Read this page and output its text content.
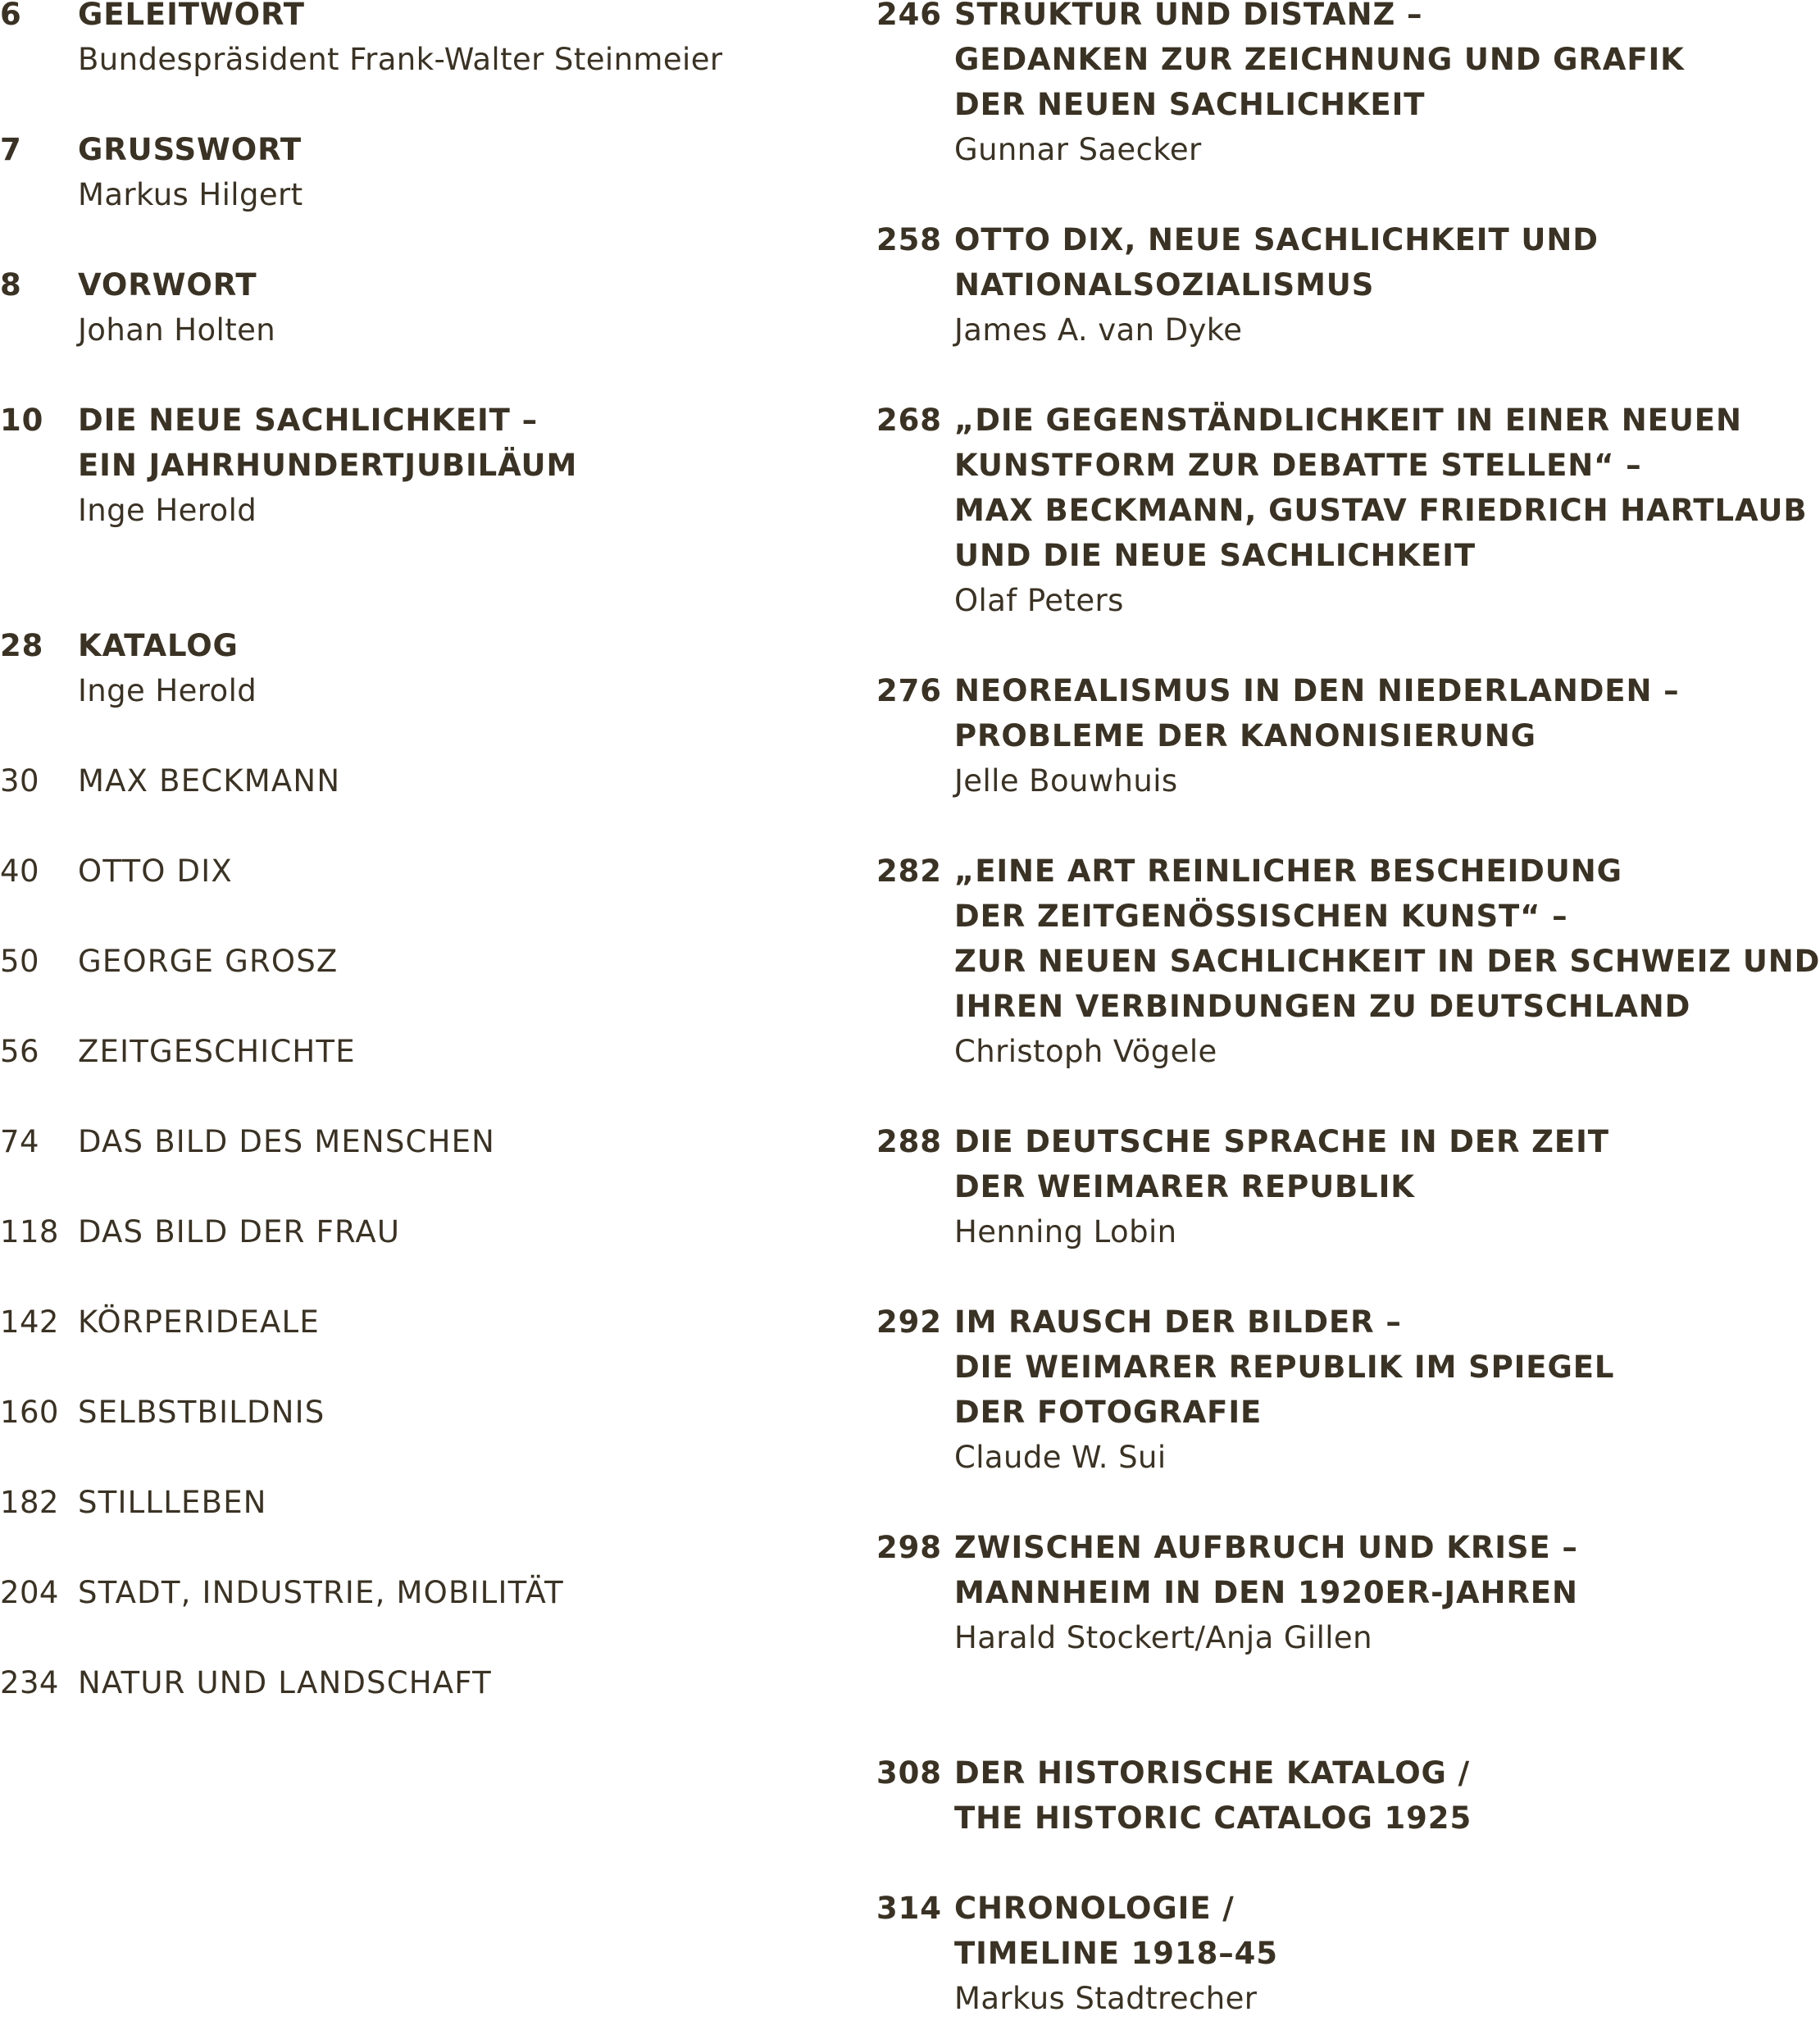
6 GELEITWORT
Bundespräsident Frank-Walter Steinmeier
7 GRUSSWORT
Markus Hilgert
8 VORWORT
Johan Holten
10 DIE NEUE SACHLICHKEIT –
EIN JAHRHUNDERTJUBILÄUM
Inge Herold
28 KATALOG
Inge Herold
30 MAX BECKMANN
40 OTTO DIX
50 GEORGE GROSZ
56 ZEITGESCHICHTE
74 DAS BILD DES MENSCHEN
118 DAS BILD DER FRAU
142 KÖRPERIDEALE
160 SELBSTBILDNIS
182 STILLLEBEN
204 STADT, INDUSTRIE, MOBILITÄT
234 NATUR UND LANDSCHAFT
246 STRUKTUR UND DISTANZ –
GEDANKEN ZUR ZEICHNUNG UND GRAFIK
DER NEUEN SACHLICHKEIT
Gunnar Saecker
258 OTTO DIX, NEUE SACHLICHKEIT UND
NATIONALSOZIALISMUS
James A. van Dyke
268 „DIE GEGENSTÄNDLICHKEIT IN EINER NEUEN
KUNSTFORM ZUR DEBATTE STELLEN“ –
MAX BECKMANN, GUSTAV FRIEDRICH HARTLAUB
UND DIE NEUE SACHLICHKEIT
Olaf Peters
276 NEOREALISMUS IN DEN NIEDERLANDEN –
PROBLEME DER KANONISIERUNG
Jelle Bouwhuis
282 „EINE ART REINLICHER BESCHEIDUNG
DER ZEITGENÖSSISCHEN KUNST“ –
ZUR NEUEN SACHLICHKEIT IN DER SCHWEIZ UND
IHREN VERBINDUNGEN ZU DEUTSCHLAND
Christoph Vögele
288 DIE DEUTSCHE SPRACHE IN DER ZEIT
DER WEIMARER REPUBLIK
Henning Lobin
292 IM RAUSCH DER BILDER –
DIE WEIMARER REPUBLIK IM SPIEGEL
DER FOTOGRAFIE
Claude W. Sui
298 ZWISCHEN AUFBRUCH UND KRISE –
MANNHEIM IN DEN 1920ER-JAHREN
Harald Stockert/Anja Gillen
308 DER HISTORISCHE KATALOG /
THE HISTORIC CATALOG 1925
314 CHRONOLOGIE /
TIMELINE 1918–45
Markus Stadtrecher
